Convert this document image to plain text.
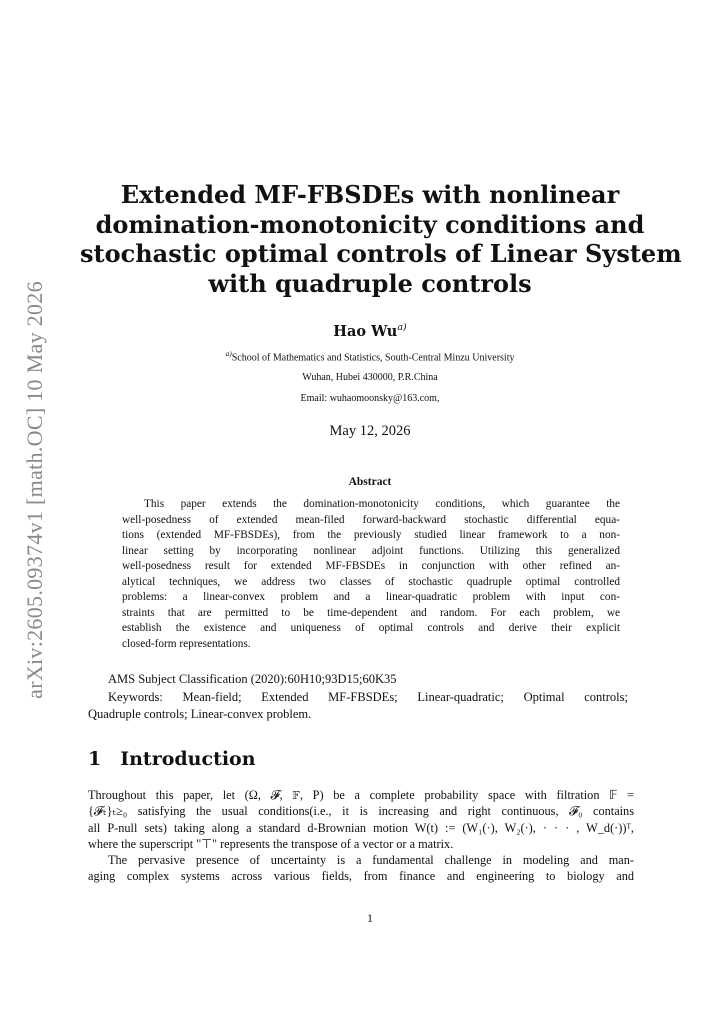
arXiv:2605.09374v1 [math.OC] 10 May 2026
Extended MF-FBSDEs with nonlinear
domination-monotonicity conditions and
stochastic optimal controls of Linear System
with quadruple controls
Hao Wu$^{a)}$
$^{a)}$School of Mathematics and Statistics, South-Central Minzu University
Wuhan, Hubei 430000, P.R.China
Email: wuhaomoonsky@163.com,
May 12, 2026
Abstract
This paper extends the domination-monotonicity conditions, which guarantee the
well-posedness of extended mean-filed forward-backward stochastic differential equa-
tions (extended MF-FBSDEs), from the previously studied linear framework to a non-
linear setting by incorporating nonlinear adjoint functions. Utilizing this generalized
well-posedness result for extended MF-FBSDEs in conjunction with other refined an-
alytical techniques, we address two classes of stochastic quadruple optimal controlled
problems: a linear-convex problem and a linear-quadratic problem with input con-
straints that are permitted to be time-dependent and random. For each problem, we
establish the existence and uniqueness of optimal controls and derive their explicit
closed-form representations.
AMS Subject Classification (2020):60H10;93D15;60K35
Keywords: Mean-field; Extended MF-FBSDEs; Linear-quadratic; Optimal controls;
Quadruple controls; Linear-convex problem.
1 Introduction
Throughout this paper, let (Ω, 𝓕, 𝔽, P) be a complete probability space with filtration 𝔽 =
{𝓕ₜ}ₜ≥₀ satisfying the usual conditions(i.e., it is increasing and right continuous, 𝓕₀ contains
all P-null sets) taking along a standard d-Brownian motion W(t) := (W₁(·), W₂(·), · · · , W_d(·))ᵀ,
where the superscript "⊤" represents the transpose of a vector or a matrix.
The pervasive presence of uncertainty is a fundamental challenge in modeling and man-
aging complex systems across various fields, from finance and engineering to biology and
1
